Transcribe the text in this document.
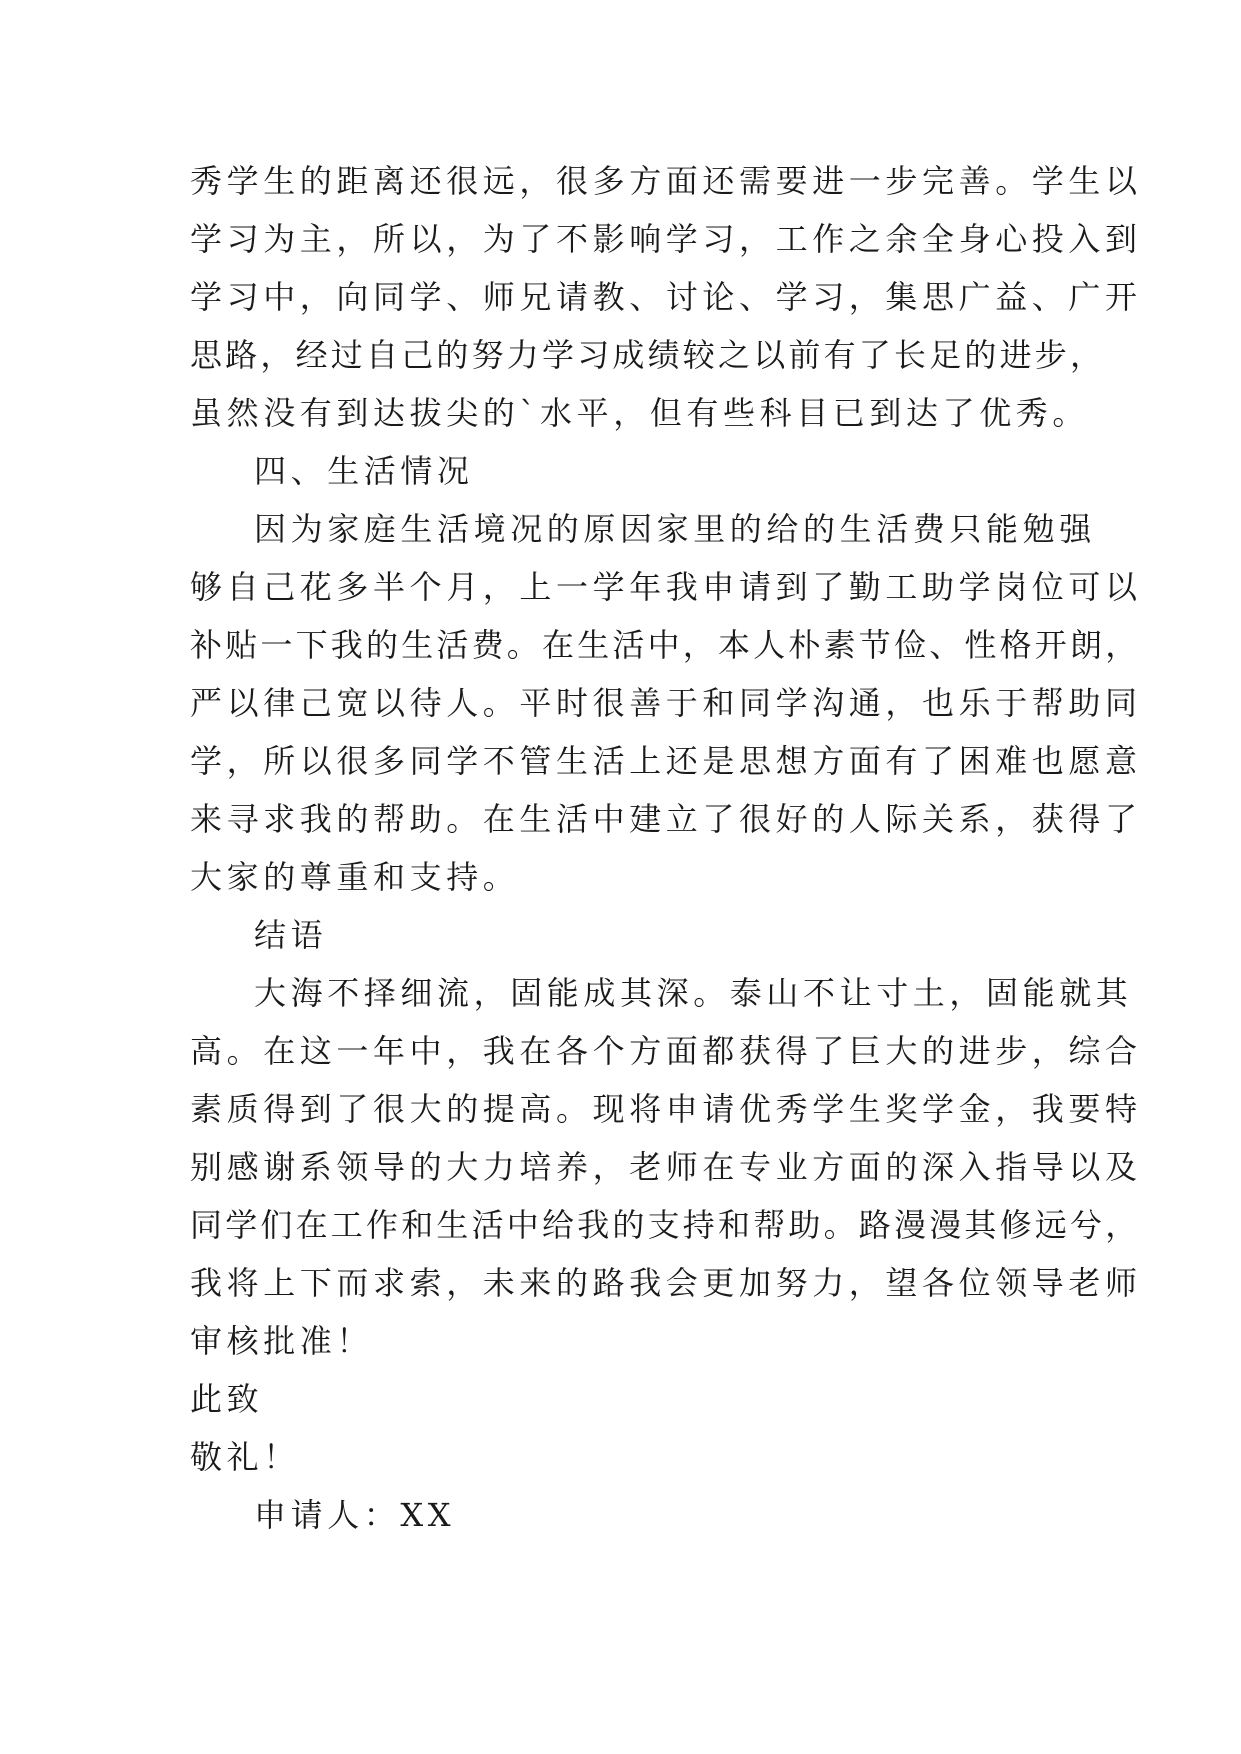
秀学生的距离还很远，很多方面还需要进一步完善。学生以
学习为主，所以，为了不影响学习，工作之余全身心投入到
学习中，向同学、师兄请教、讨论、学习，集思广益、广开
思路，经过自己的努力学习成绩较之以前有了长足的进步，
虽然没有到达拔尖的`水平，但有些科目已到达了优秀。
四、生活情况
因为家庭生活境况的原因家里的给的生活费只能勉强
够自己花多半个月，上一学年我申请到了勤工助学岗位可以
补贴一下我的生活费。在生活中，本人朴素节俭、性格开朗，
严以律己宽以待人。平时很善于和同学沟通，也乐于帮助同
学，所以很多同学不管生活上还是思想方面有了困难也愿意
来寻求我的帮助。在生活中建立了很好的人际关系，获得了
大家的尊重和支持。
结语
大海不择细流，固能成其深。泰山不让寸土，固能就其
高。在这一年中，我在各个方面都获得了巨大的进步，综合
素质得到了很大的提高。现将申请优秀学生奖学金，我要特
别感谢系领导的大力培养，老师在专业方面的深入指导以及
同学们在工作和生活中给我的支持和帮助。路漫漫其修远兮，
我将上下而求索，未来的路我会更加努力，望各位领导老师
审核批准！
此致
敬礼！
申请人：XX
